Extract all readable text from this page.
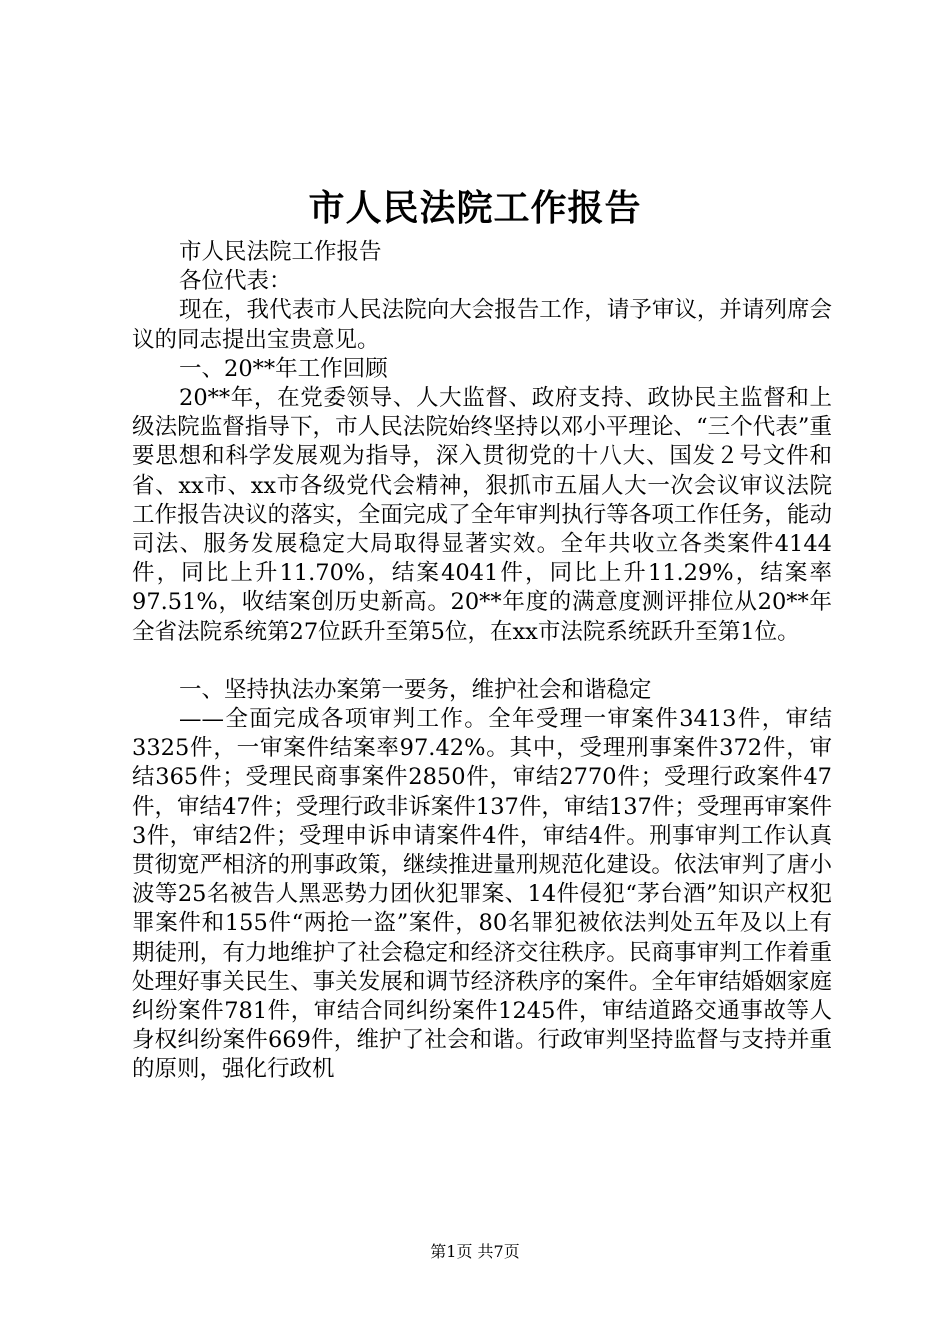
市人民法院工作报告

市人民法院工作报告

各位代表：

现在，我代表市人民法院向大会报告工作，请予审议，并请列席会议的同志提出宝贵意见。

一、20**年工作回顾

20**年，在党委领导、人大监督、政府支持、政协民主监督和上级法院监督指导下，市人民法院始终坚持以邓小平理论、“三个代表”重要思想和科学发展观为指导，深入贯彻党的十八大、国发２号文件和省、xx市、xx市各级党代会精神，狠抓市五届人大一次会议审议法院工作报告决议的落实，全面完成了全年审判执行等各项工作任务，能动司法、服务发展稳定大局取得显著实效。全年共收立各类案件4144件，同比上升11.70%，结案4041件，同比上升11.29%，结案率97.51%，收结案创历史新高。20**年度的满意度测评排位从20**年全省法院系统第27位跃升至第5位，在xx市法院系统跃升至第1位。

一、坚持执法办案第一要务，维护社会和谐稳定

——全面完成各项审判工作。全年受理一审案件3413件，审结3325件，一审案件结案率97.42%。其中，受理刑事案件372件，审结365件；受理民商事案件2850件，审结2770件；受理行政案件47件，审结47件；受理行政非诉案件137件，审结137件；受理再审案件3件，审结2件；受理申诉申请案件4件，审结4件。刑事审判工作认真贯彻宽严相济的刑事政策，继续推进量刑规范化建设。依法审判了唐小波等25名被告人黑恶势力团伙犯罪案、14件侵犯“茅台酒”知识产权犯罪案件和155件“两抢一盗”案件，80名罪犯被依法判处五年及以上有期徒刑，有力地维护了社会稳定和经济交往秩序。民商事审判工作着重处理好事关民生、事关发展和调节经济秩序的案件。全年审结婚姻家庭纠纷案件781件，审结合同纠纷案件1245件，审结道路交通事故等人身权纠纷案件669件，维护了社会和谐。行政审判坚持监督与支持并重的原则，强化行政机

第1页 共7页
